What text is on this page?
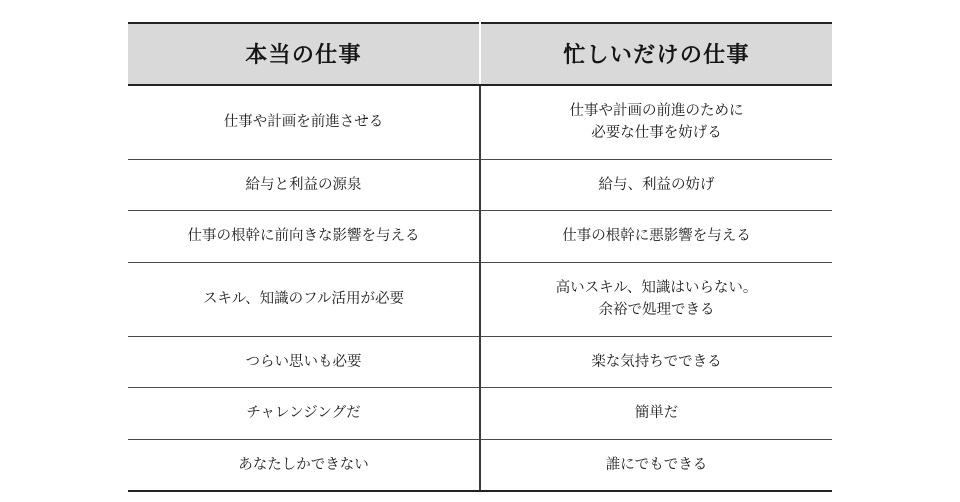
本当の仕事	忙しいだけの仕事

仕事や計画を前進させる	仕事や計画の前進のために
必要な仕事を妨げる

給与と利益の源泉	給与、利益の妨げ

仕事の根幹に前向きな影響を与える	仕事の根幹に悪影響を与える

スキル、知識のフル活用が必要	高いスキル、知識はいらない。
余裕で処理できる

つらい思いも必要	楽な気持ちでできる

チャレンジングだ	簡単だ

あなたしかできない	誰にでもできる
